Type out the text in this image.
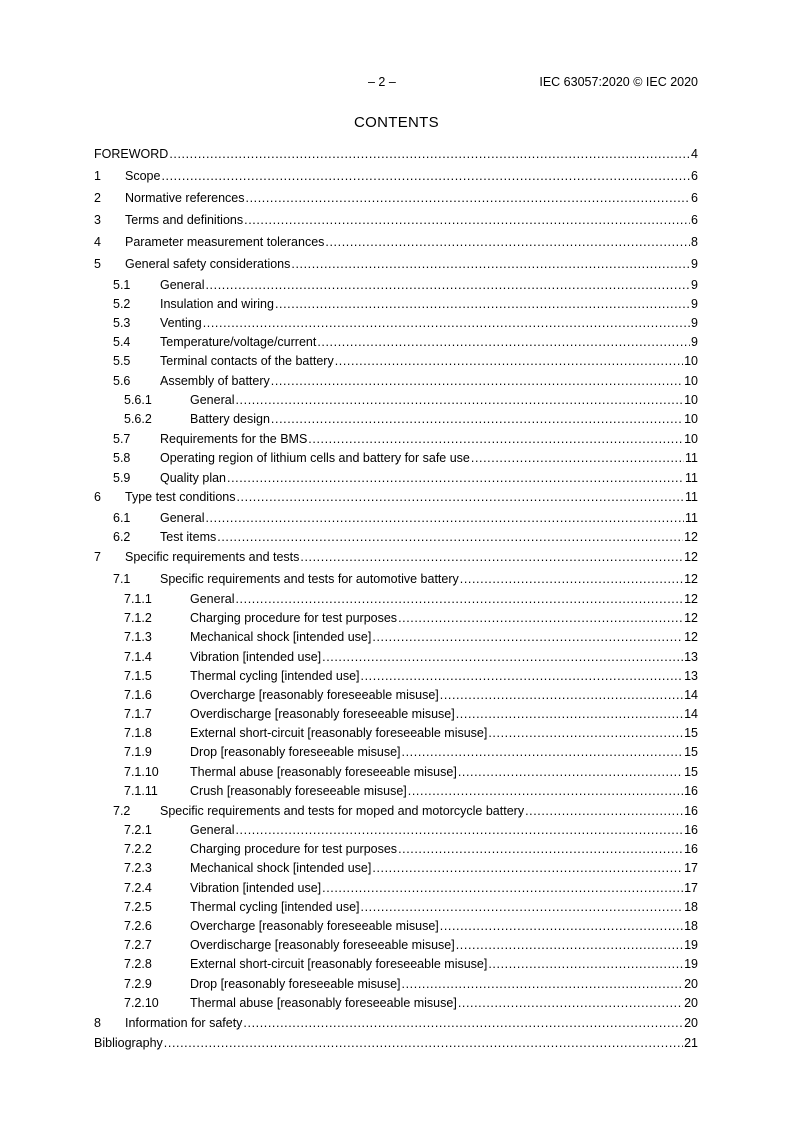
– 2 –	IEC 63057:2020 © IEC 2020
CONTENTS
FOREWORD .....	4
1	Scope .....	6
2	Normative references .....	6
3	Terms and definitions .....	6
4	Parameter measurement tolerances .....	8
5	General safety considerations .....	9
5.1	General .....	9
5.2	Insulation and wiring .....	9
5.3	Venting .....	9
5.4	Temperature/voltage/current .....	9
5.5	Terminal contacts of the battery .....	10
5.6	Assembly of battery .....	10
5.6.1	General .....	10
5.6.2	Battery design .....	10
5.7	Requirements for the BMS .....	10
5.8	Operating region of lithium cells and battery for safe use .....	11
5.9	Quality plan .....	11
6	Type test conditions .....	11
6.1	General .....	11
6.2	Test items .....	12
7	Specific requirements and tests .....	12
7.1	Specific requirements and tests for automotive battery .....	12
7.1.1	General .....	12
7.1.2	Charging procedure for test purposes .....	12
7.1.3	Mechanical shock [intended use] .....	12
7.1.4	Vibration [intended use] .....	13
7.1.5	Thermal cycling [intended use] .....	13
7.1.6	Overcharge [reasonably foreseeable misuse] .....	14
7.1.7	Overdischarge [reasonably foreseeable misuse] .....	14
7.1.8	External short-circuit [reasonably foreseeable misuse] .....	15
7.1.9	Drop [reasonably foreseeable misuse] .....	15
7.1.10	Thermal abuse [reasonably foreseeable misuse] .....	15
7.1.11	Crush [reasonably foreseeable misuse] .....	16
7.2	Specific requirements and tests for moped and motorcycle battery .....	16
7.2.1	General .....	16
7.2.2	Charging procedure for test purposes .....	16
7.2.3	Mechanical shock [intended use] .....	17
7.2.4	Vibration [intended use] .....	17
7.2.5	Thermal cycling [intended use] .....	18
7.2.6	Overcharge [reasonably foreseeable misuse] .....	18
7.2.7	Overdischarge [reasonably foreseeable misuse] .....	19
7.2.8	External short-circuit [reasonably foreseeable misuse] .....	19
7.2.9	Drop [reasonably foreseeable misuse] .....	20
7.2.10	Thermal abuse [reasonably foreseeable misuse] .....	20
8	Information for safety .....	20
Bibliography .....	21
